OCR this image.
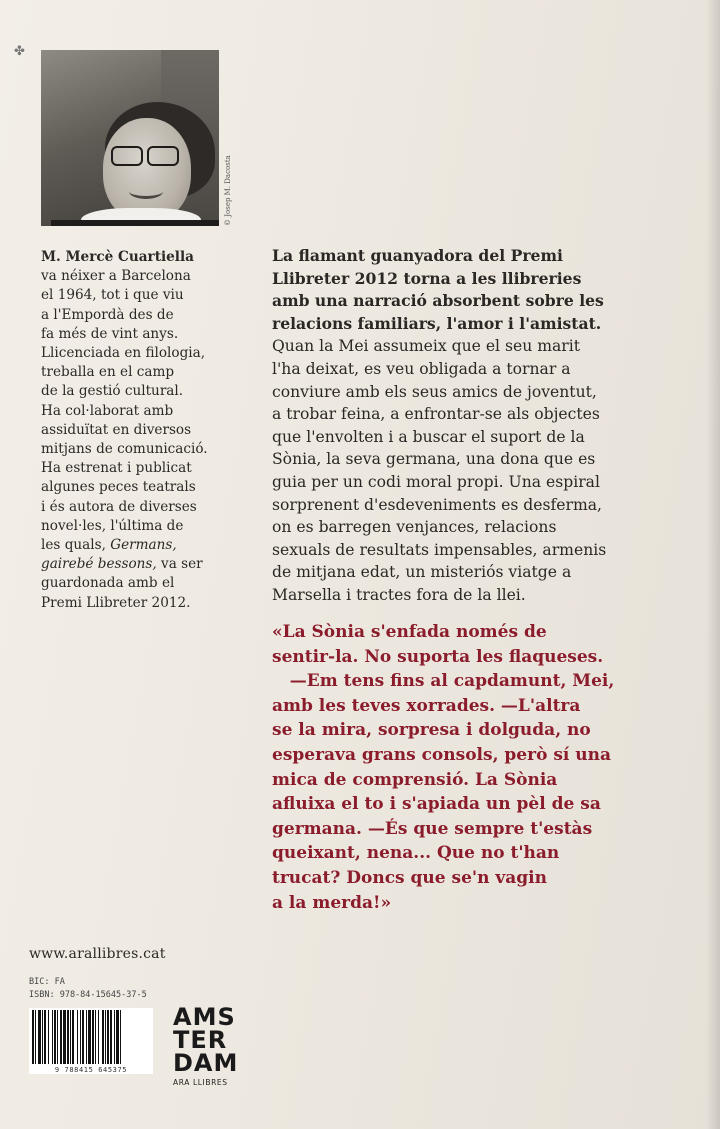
✤
© Josep M. Dacosta
M. Mercè Cuartiella
va néixer a Barcelona
el 1964, tot i que viu
a l'Empordà des de
fa més de vint anys.
Llicenciada en filologia,
treballa en el camp
de la gestió cultural.
Ha col·laborat amb
assiduïtat en diversos
mitjans de comunicació.
Ha estrenat i publicat
algunes peces teatrals
i és autora de diverses
novel·les, l'última de
les quals, Germans,
gairebé bessons, va ser
guardonada amb el
Premi Llibreter 2012.
La flamant guanyadora del Premi
Llibreter 2012 torna a les llibreries
amb una narració absorbent sobre les
relacions familiars, l'amor i l'amistat.
Quan la Mei assumeix que el seu marit
l'ha deixat, es veu obligada a tornar a
conviure amb els seus amics de joventut,
a trobar feina, a enfrontar-se als objectes
que l'envolten i a buscar el suport de la
Sònia, la seva germana, una dona que es
guia per un codi moral propi. Una espiral
sorprenent d'esdeveniments es desferma,
on es barregen venjances, relacions
sexuals de resultats impensables, armenis
de mitjana edat, un misteriós viatge a
Marsella i tractes fora de la llei.
«La Sònia s'enfada només de
sentir-la. No suporta les flaqueses.
—Em tens fins al capdamunt, Mei,
amb les teves xorrades. —L'altra
se la mira, sorpresa i dolguda, no
esperava grans consols, però sí una
mica de comprensió. La Sònia
afluixa el to i s'apiada un pèl de sa
germana. —És que sempre t'estàs
queixant, nena... Que no t'han
trucat? Doncs que se'n vagin
a la merda!»
www.arallibres.cat
BIC: FA
ISBN: 978-84-15645-37-5
9 788415 645375
AMS
TER
DAM
ARA LLIBRES
